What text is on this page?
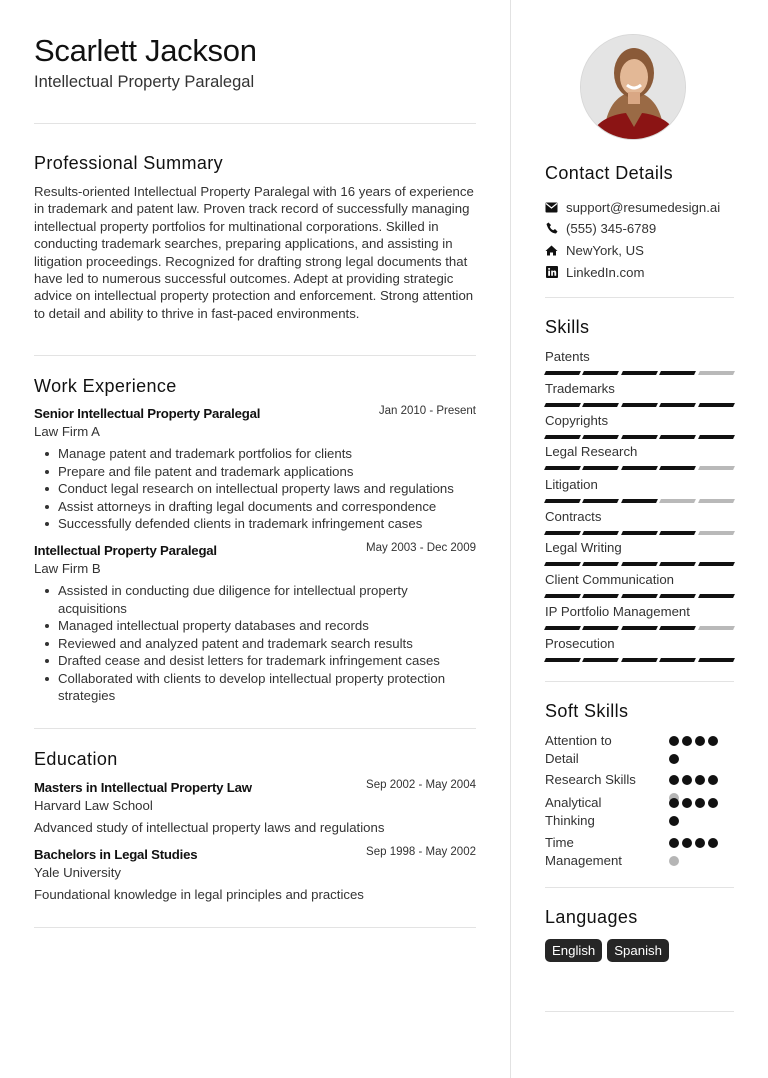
Scarlett Jackson
Intellectual Property Paralegal
Professional Summary
Results-oriented Intellectual Property Paralegal with 16 years of experience in trademark and patent law. Proven track record of successfully managing intellectual property portfolios for multinational corporations. Skilled in conducting trademark searches, preparing applications, and assisting in litigation proceedings. Recognized for drafting strong legal documents that have led to numerous successful outcomes. Adept at providing strategic advice on intellectual property protection and enforcement. Strong attention to detail and ability to thrive in fast-paced environments.
Work Experience
Senior Intellectual Property Paralegal	Jan 2010 - Present
Law Firm A
Manage patent and trademark portfolios for clients
Prepare and file patent and trademark applications
Conduct legal research on intellectual property laws and regulations
Assist attorneys in drafting legal documents and correspondence
Successfully defended clients in trademark infringement cases
Intellectual Property Paralegal	May 2003 - Dec 2009
Law Firm B
Assisted in conducting due diligence for intellectual property acquisitions
Managed intellectual property databases and records
Reviewed and analyzed patent and trademark search results
Drafted cease and desist letters for trademark infringement cases
Collaborated with clients to develop intellectual property protection strategies
Education
Masters in Intellectual Property Law	Sep 2002 - May 2004
Harvard Law School
Advanced study of intellectual property laws and regulations
Bachelors in Legal Studies	Sep 1998 - May 2002
Yale University
Foundational knowledge in legal principles and practices
Contact Details
support@resumedesign.ai
(555) 345-6789
NewYork, US
LinkedIn.com
Skills
Patents
Trademarks
Copyrights
Legal Research
Litigation
Contracts
Legal Writing
Client Communication
IP Portfolio Management
Prosecution
Soft Skills
Attention to Detail
Research Skills
Analytical Thinking
Time Management
Languages
English	Spanish
